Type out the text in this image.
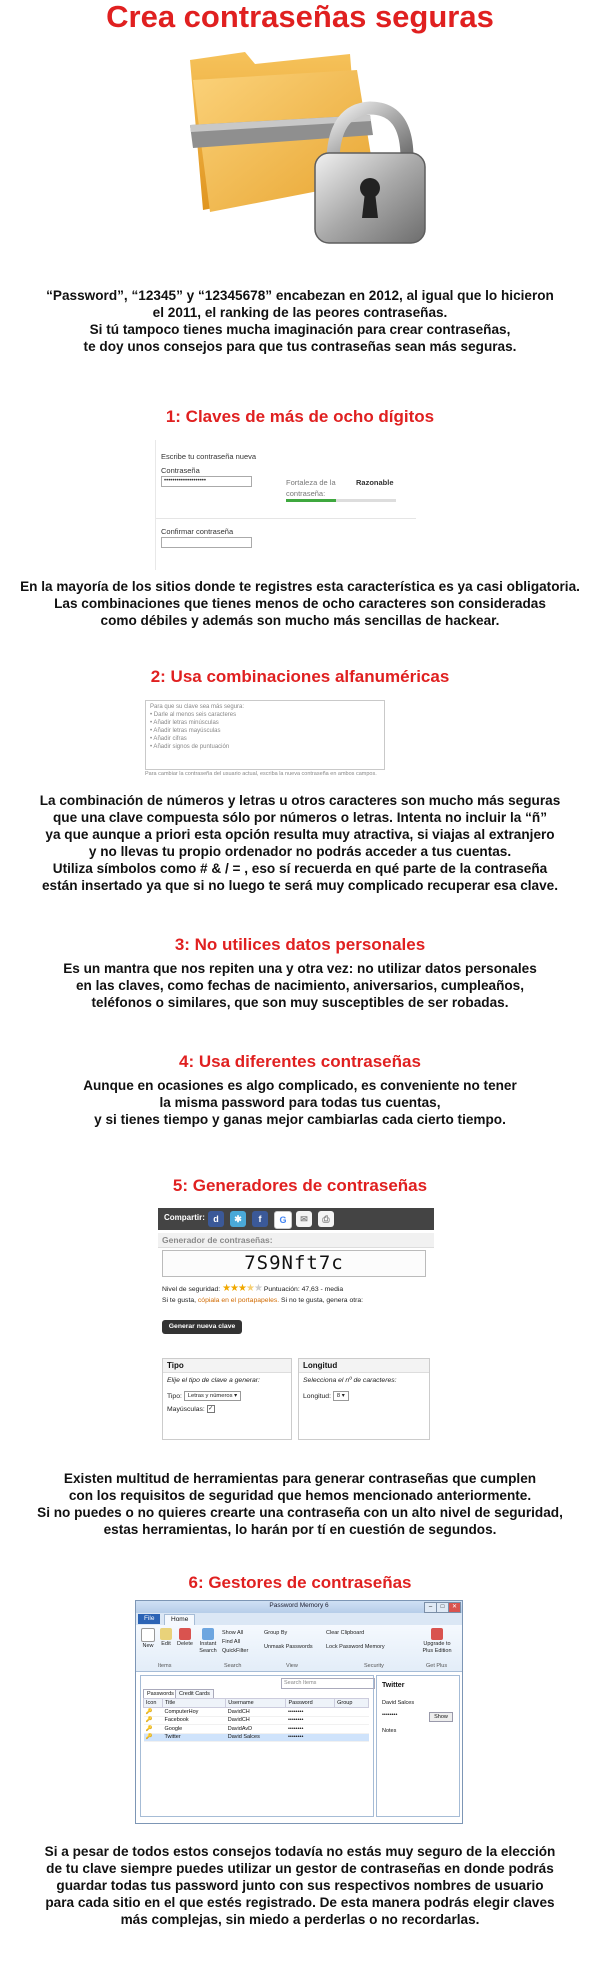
Crea contraseñas seguras

“Password”, “12345” y “12345678” encabezan en 2012, al igual que lo hicieron
el 2011, el ranking de las peores contraseñas.
Si tú tampoco tienes mucha imaginación para crear contraseñas,
te doy unos consejos para que tus contraseñas sean más seguras.

1: Claves de más de ocho dígitos
Escribe tu contraseña nueva
Contraseña
••••••••••••••••••••	Fortaleza de la
contraseña:
Razonable
Confirmar contraseña

En la mayoría de los sitios donde te registres esta característica es ya casi obligatoria.
Las combinaciones que tienes menos de ocho caracteres son consideradas
como débiles y además son mucho más sencillas de hackear.

2: Usa combinaciones alfanuméricas
Para que su clave sea más segura:
• Darle al menos seis caracteres
• Añadir letras minúsculas
• Añadir letras mayúsculas
• Añadir cifras
• Añadir signos de puntuación
Para cambiar la contraseña del usuario actual, escriba la nueva contraseña en ambos campos.

La combinación de números y letras u otros caracteres son mucho más seguras
que una clave compuesta sólo por números o letras. Intenta no incluir la “ñ”
ya que aunque a priori esta opción resulta muy atractiva, si viajas al extranjero
y no llevas tu propio ordenador no podrás acceder a tus cuentas.
Utiliza símbolos como # & / = , eso sí recuerda en qué parte de la contraseña
están insertado ya que si no luego te será muy complicado recuperar esa clave.

3: No utilices datos personales

Es un mantra que nos repiten una y otra vez: no utilizar datos personales
en las claves, como fechas de nacimiento, aniversarios, cumpleaños,
teléfonos o similares, que son muy susceptibles de ser robadas.

4: Usa diferentes contraseñas

Aunque en ocasiones es algo complicado, es conveniente no tener
la misma password para todas tus cuentas,
y si tienes tiempo y ganas mejor cambiarlas cada cierto tiempo.

5: Generadores de contraseñas
Compartir: d	✱	f	G	✉	⎙
Generador de contraseñas:
7S9Nft7c
Nivel de seguridad: ★★★★★ Puntuación: 47,63 - media
Si te gusta, cópiala en el portapapeles. Si no te gusta, genera otra:
Generar nueva clave
Tipo
Elije el tipo de clave a generar:
Tipo: Letras y números ▾
Mayúsculas: ✓
Longitud
Selecciona el nº de caracteres:
Longitud: 8 ▾

Existen multitud de herramientas para generar contraseñas que cumplen
con los requisitos de seguridad que hemos mencionado anteriormente.
Si no puedes o no quieres crearte una contraseña con un alto nivel de seguridad,
estas herramientas, lo harán por tí en cuestión de segundos.

6: Gestores de contraseñas
Password Memory 6	–	□	✕
File	Home
New	Edit	Delete	Instant Search
Show All
Find All
QuickFilter
Group By
Unmask Passwords
Clear Clipboard
Lock Password Memory	Upgrade to Plus Edition
Items	Search	View	Security	Get Plus
Search Items
Passwords Credit Cards
Icon	Title	Username	Password	Group
🔑	ComputerHoy	DavidCH	••••••••	
🔑	Facebook	DavidCH	••••••••	
🔑	Google	DavidAvD	••••••••	
🔑	Twitter	David Salces	••••••••	
Twitter
David Salces
••••••••	Show
Notes

Si a pesar de todos estos consejos todavía no estás muy seguro de la elección
de tu clave siempre puedes utilizar un gestor de contraseñas en donde podrás
guardar todas tus password junto con sus respectivos nombres de usuario
para cada sitio en el que estés registrado. De esta manera podrás elegir claves
más complejas, sin miedo a perderlas o no recordarlas.
